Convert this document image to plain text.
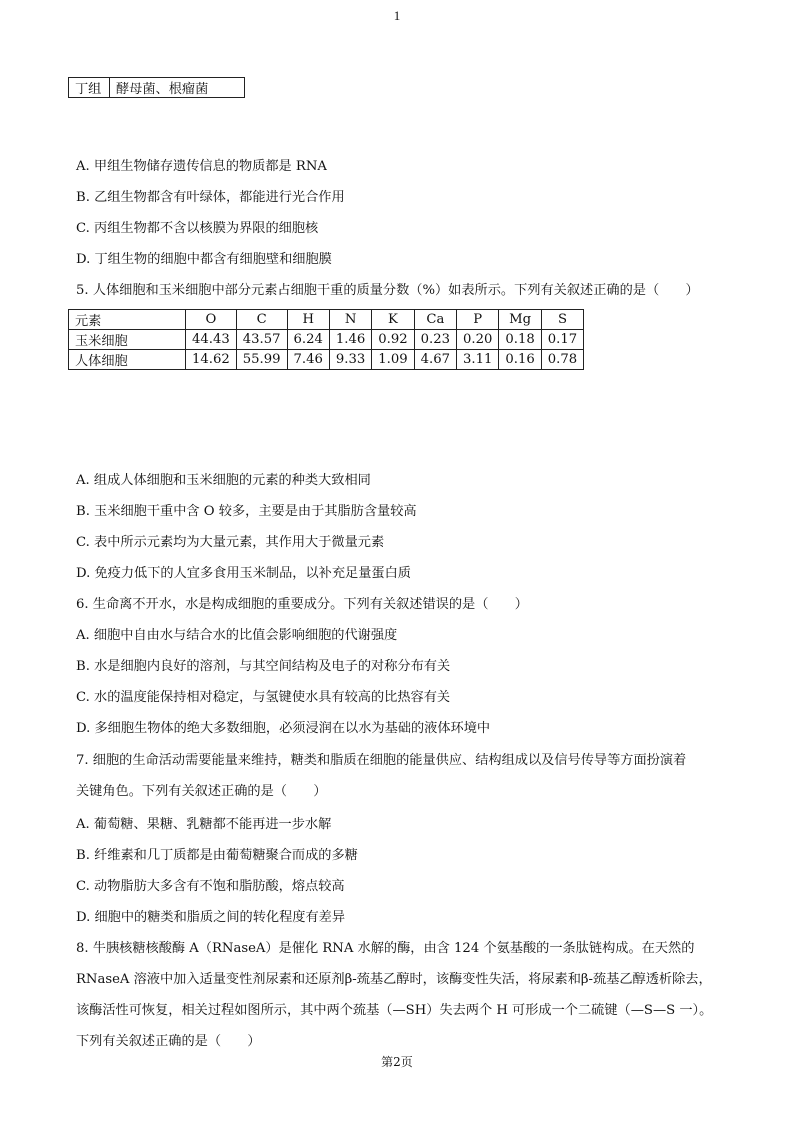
1
丁组	酵母菌、根瘤菌
A. 甲组生物储存遗传信息的物质都是 RNA
B. 乙组生物都含有叶绿体，都能进行光合作用
C. 丙组生物都不含以核膜为界限的细胞核
D. 丁组生物的细胞中都含有细胞壁和细胞膜
5. 人体细胞和玉米细胞中部分元素占细胞干重的质量分数（%）如表所示。下列有关叙述正确的是（　　）
元素	O	C	H	N	K	Ca	P	Mg	S
玉米细胞	44.43	43.57	6.24	1.46	0.92	0.23	0.20	0.18	0.17
人体细胞	14.62	55.99	7.46	9.33	1.09	4.67	3.11	0.16	0.78
A. 组成人体细胞和玉米细胞的元素的种类大致相同
B. 玉米细胞干重中含 O 较多，主要是由于其脂肪含量较高
C. 表中所示元素均为大量元素，其作用大于微量元素
D. 免疫力低下的人宜多食用玉米制品，以补充足量蛋白质
6. 生命离不开水，水是构成细胞的重要成分。下列有关叙述错误的是（　　）
A. 细胞中自由水与结合水的比值会影响细胞的代谢强度
B. 水是细胞内良好的溶剂，与其空间结构及电子的对称分布有关
C. 水的温度能保持相对稳定，与氢键使水具有较高的比热容有关
D. 多细胞生物体的绝大多数细胞，必须浸润在以水为基础的液体环境中
7. 细胞的生命活动需要能量来维持，糖类和脂质在细胞的能量供应、结构组成以及信号传导等方面扮演着
关键角色。下列有关叙述正确的是（　　）
A. 葡萄糖、果糖、乳糖都不能再进一步水解
B. 纤维素和几丁质都是由葡萄糖聚合而成的多糖
C. 动物脂肪大多含有不饱和脂肪酸，熔点较高
D. 细胞中的糖类和脂质之间的转化程度有差异
8. 牛胰核糖核酸酶 A（RNaseA）是催化 RNA 水解的酶，由含 124 个氨基酸的一条肽链构成。在天然的
RNaseA 溶液中加入适量变性剂尿素和还原剂β-巯基乙醇时，该酶变性失活，将尿素和β-巯基乙醇透析除去，
该酶活性可恢复，相关过程如图所示，其中两个巯基（—SH）失去两个 H 可形成一个二硫键（—S—S 一）。
下列有关叙述正确的是（　　）
第2页
